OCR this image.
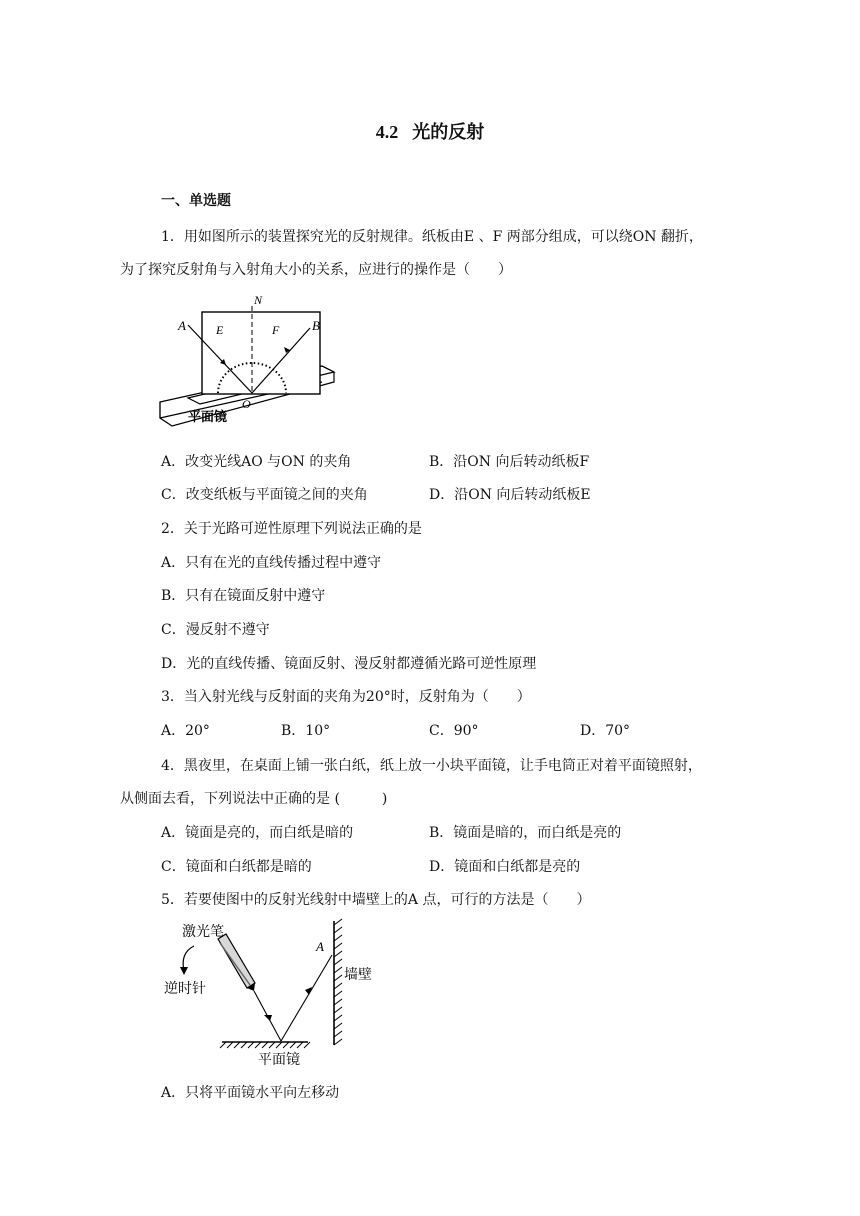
4.2 光的反射
一、单选题
1．用如图所示的装置探究光的反射规律。纸板由E 、F 两部分组成，可以绕ON 翻折，
为了探究反射角与入射角大小的关系，应进行的操作是（　　）
N
A	E	F	B
O
平面镜
A．改变光线AO 与ON 的夹角	B．沿ON 向后转动纸板F
C．改变纸板与平面镜之间的夹角	D．沿ON 向后转动纸板E
2．关于光路可逆性原理下列说法正确的是
A．只有在光的直线传播过程中遵守
B．只有在镜面反射中遵守
C．漫反射不遵守
D．光的直线传播、镜面反射、漫反射都遵循光路可逆性原理
3．当入射光线与反射面的夹角为20°时，反射角为（　　）
A．20°	B．10°	C．90°	D．70°
4．黑夜里，在桌面上铺一张白纸，纸上放一小块平面镜，让手电筒正对着平面镜照射，
从侧面去看，下列说法中正确的是 (　　　)
A．镜面是亮的，而白纸是暗的	B．镜面是暗的，而白纸是亮的
C．镜面和白纸都是暗的	D．镜面和白纸都是亮的
5．若要使图中的反射光线射中墙壁上的A 点，可行的方法是（　　）
激光笔
逆时针
A
墙壁
平面镜
A．只将平面镜水平向左移动
